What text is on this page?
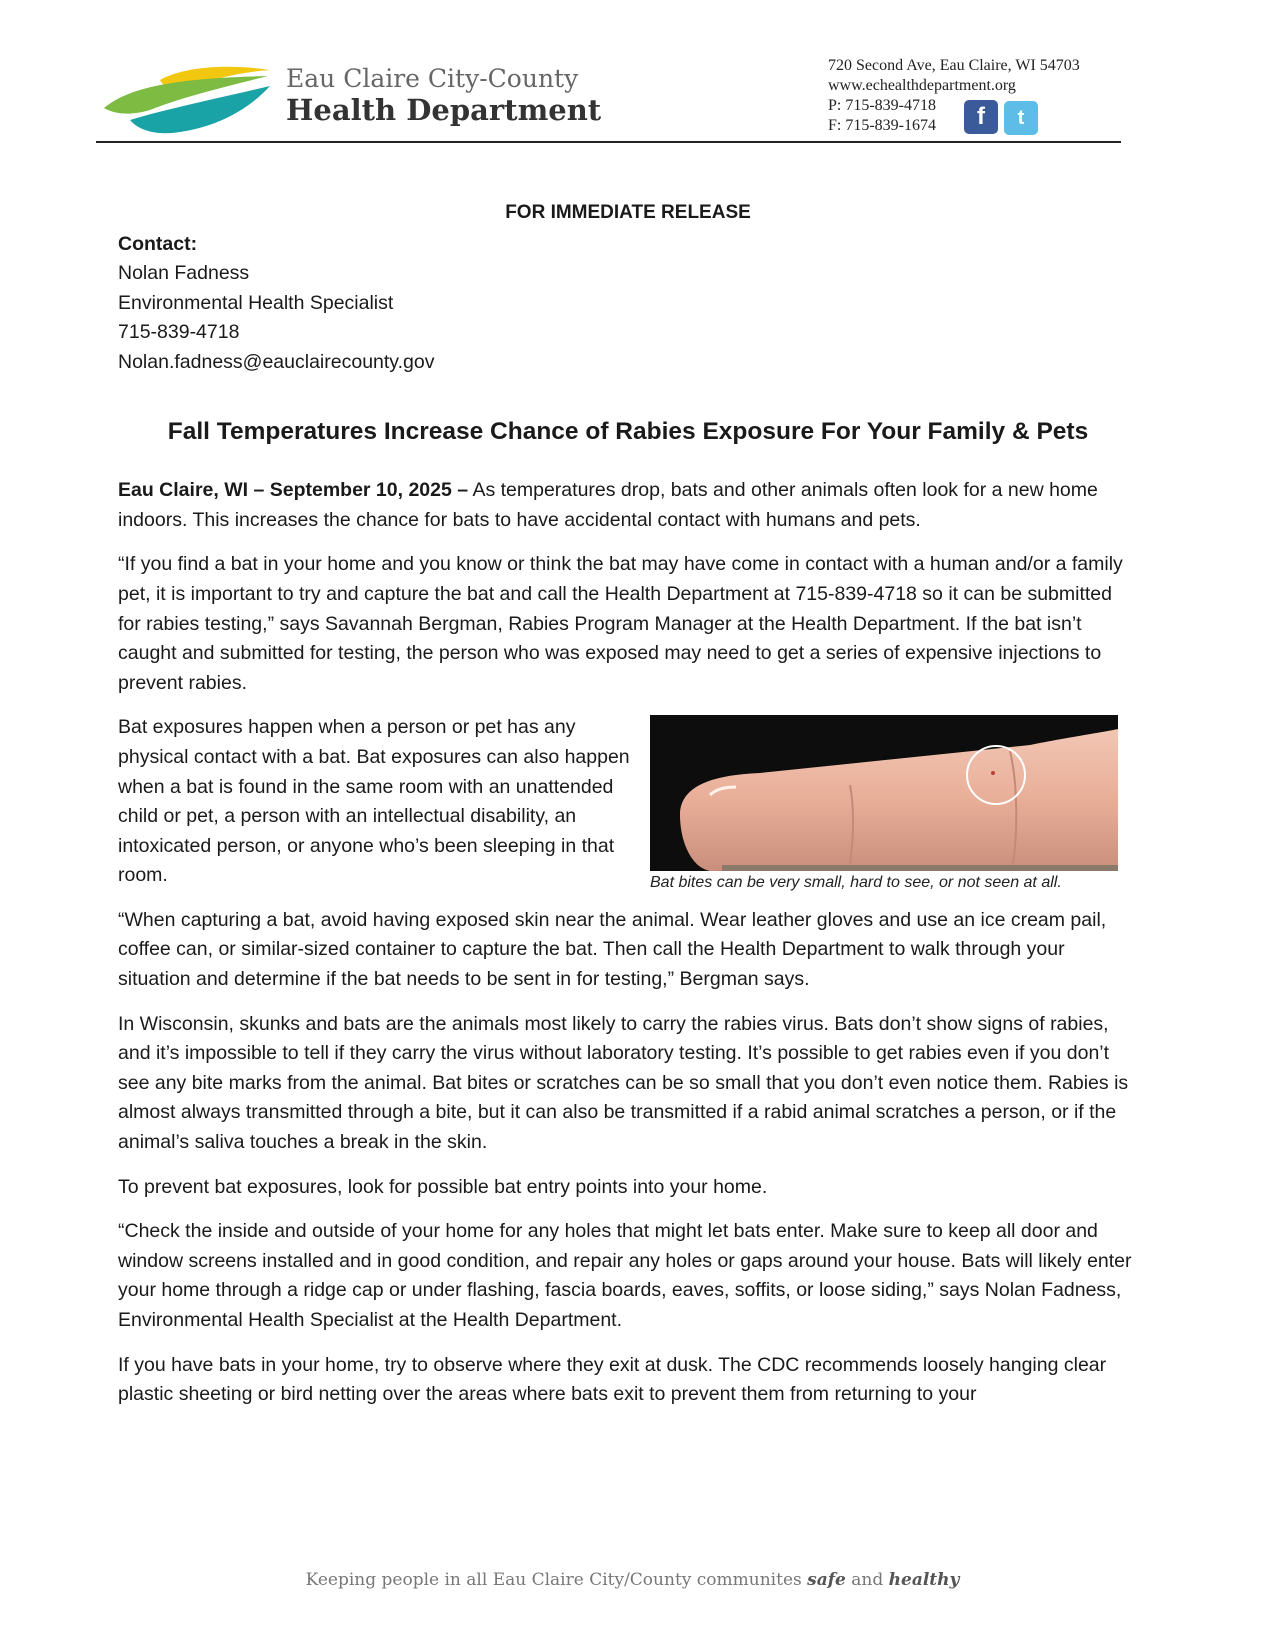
Eau Claire City-County
Health Department
720 Second Ave, Eau Claire, WI 54703
www.echealthdepartment.org
P: 715-839-4718
F: 715-839-1674	f t
FOR IMMEDIATE RELEASE
Contact:
Nolan Fadness
Environmental Health Specialist
715-839-4718
Nolan.fadness@eauclairecounty.gov
Fall Temperatures Increase Chance of Rabies Exposure For Your Family & Pets

Eau Claire, WI – September 10, 2025 – As temperatures drop, bats and other animals often look for a new home indoors. This increases the chance for bats to have accidental contact with humans and pets.

“If you find a bat in your home and you know or think the bat may have come in contact with a human and/or a family pet, it is important to try and capture the bat and call the Health Department at 715-839-4718 so it can be submitted for rabies testing,” says Savannah Bergman, Rabies Program Manager at the Health Department. If the bat isn’t caught and submitted for testing, the person who was exposed may need to get a series of expensive injections to prevent rabies.

Bat bites can be very small, hard to see, or not seen at all.

Bat exposures happen when a person or pet has any physical contact with a bat. Bat exposures can also happen when a bat is found in the same room with an unattended child or pet, a person with an intellectual disability, an intoxicated person, or anyone who’s been sleeping in that room.

“When capturing a bat, avoid having exposed skin near the animal. Wear leather gloves and use an ice cream pail, coffee can, or similar-sized container to capture the bat. Then call the Health Department to walk through your situation and determine if the bat needs to be sent in for testing,” Bergman says.

In Wisconsin, skunks and bats are the animals most likely to carry the rabies virus. Bats don’t show signs of rabies, and it’s impossible to tell if they carry the virus without laboratory testing. It’s possible to get rabies even if you don’t see any bite marks from the animal. Bat bites or scratches can be so small that you don’t even notice them. Rabies is almost always transmitted through a bite, but it can also be transmitted if a rabid animal scratches a person, or if the animal’s saliva touches a break in the skin.

To prevent bat exposures, look for possible bat entry points into your home.

“Check the inside and outside of your home for any holes that might let bats enter. Make sure to keep all door and window screens installed and in good condition, and repair any holes or gaps around your house. Bats will likely enter your home through a ridge cap or under flashing, fascia boards, eaves, soffits, or loose siding,” says Nolan Fadness, Environmental Health Specialist at the Health Department.

If you have bats in your home, try to observe where they exit at dusk. The CDC recommends loosely hanging clear plastic sheeting or bird netting over the areas where bats exit to prevent them from returning to your

Keeping people in all Eau Claire City/County communites safe and healthy
